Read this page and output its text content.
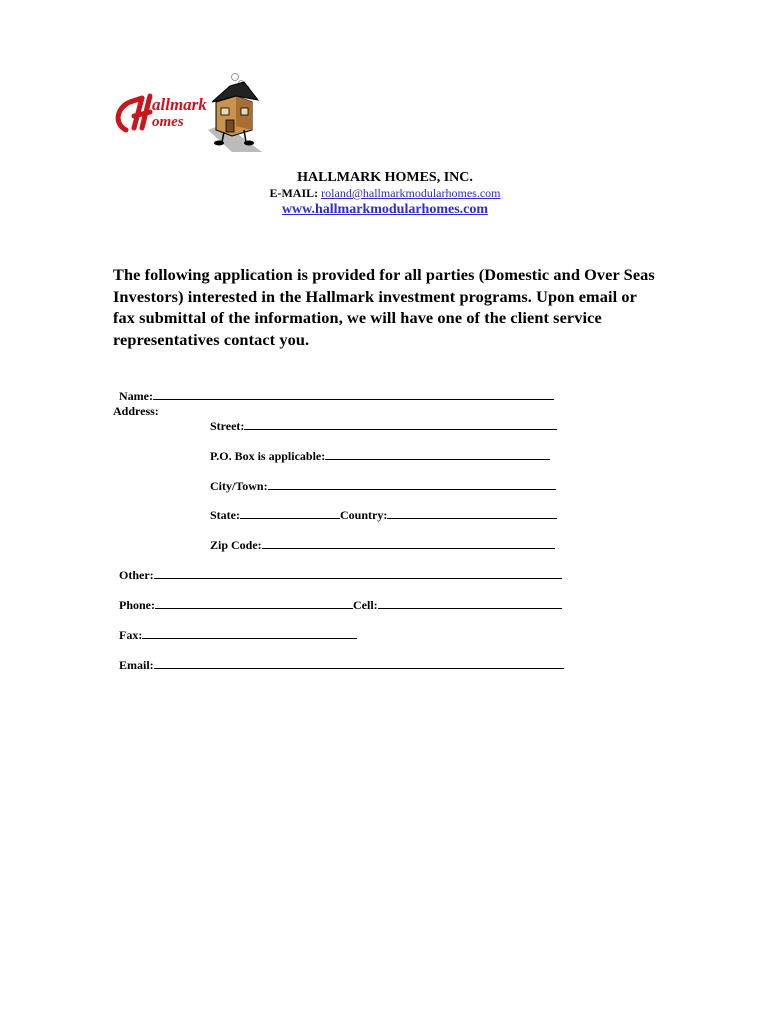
allmark
omes
HALLMARK HOMES, INC.
E-MAIL: roland@hallmarkmodularhomes.com
www.hallmarkmodularhomes.com
The following application is provided for all parties (Domestic and Over Seas Investors) interested in the Hallmark investment programs. Upon email or fax submittal of the information, we will have one of the client service representatives contact you.

Name:

Address:

Street:

P.O. Box is applicable:

City/Town:

State:	Country:

Zip Code:

Other:

Phone:	Cell:

Fax:

Email:
